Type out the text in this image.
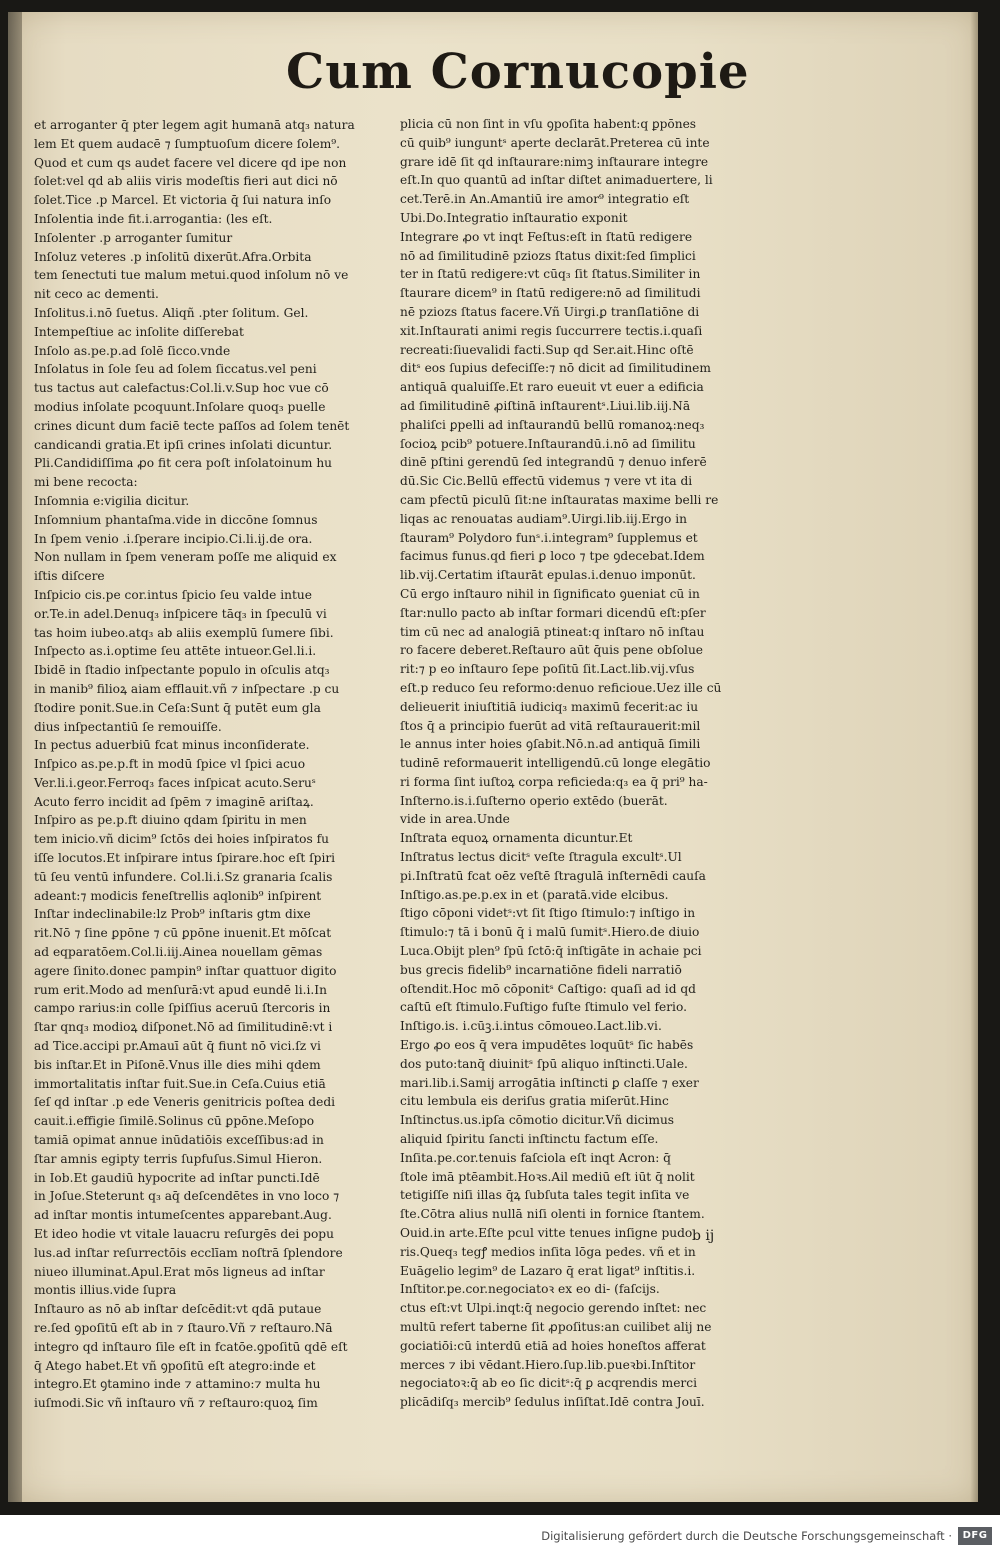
Cum Cornucopie
et arroganter q̄ pter legem agit humanā atq₃ natura
lem Et quem audacē ⁊ ſumptuoſum dicere ſolem⁹.
Quod et cum qs audet facere vel dicere qd ipe non
ſolet:vel qd ab aliis viris modeſtis fieri aut dici nō
ſolet.Tice .p Marcel. Et victoria q̄ ſui natura inſo
Inſolentia inde fit.i.arrogantia: (les eſt.
Inſolenter .p arroganter ſumitur
Inſoluz veteres .p inſolitū dixerūt.Afra.Orbita
tem ſenectuti tue malum metui.quod inſolum nō ve
nit ceco ac dementi.
Inſolitus.i.nō ſuetus. Aliqñ .pter ſolitum. Gel.
Intempeſtiue ac inſolite diſſerebat
Inſolo as.pe.p.ad ſolē ſicco.vnde
Inſolatus in ſole ſeu ad ſolem ſiccatus.vel peni
tus tactus aut calefactus:Col.li.v.Sup hoc vue cō
modius inſolate pcoquunt.Inſolare quoq₃ puelle
crines dicunt dum faciē tecte paſſos ad ſolem tenēt
candicandi gratia.Et ipſi crines inſolati dicuntur.
Pli.Candidiſſima ꝓo fit cera poſt inſolatoinum hu
mi bene recocta:
Inſomnia e:vigilia dicitur.
Inſomnium phantaſma.vide in diccōne ſomnus
In ſpem venio .i.ſperare incipio.Ci.li.ij.de ora.
Non nullam in ſpem veneram poſſe me aliquid ex
iſtis diſcere
Inſpicio cis.pe cor.intus ſpicio ſeu valde intue
or.Te.in adel.Denuq₃ inſpicere tāq₃ in ſpeculū vi
tas hoim iubeo.atq₃ ab aliis exemplū ſumere ſibi.
Inſpecto as.i.optime ſeu attēte intueor.Gel.li.i.
Ibidē in ſtadio inſpectante populo in oſculis atq₃
in manib⁹ filioꝝ aiam efflauit.vñ ⁊ inſpectare .p cu
ſtodire ponit.Sue.in Ceſa:Sunt q̄ putēt eum gla
dius inſpectantiū ſe remouiſſe.
In pectus aduerbiū fcat minus inconſiderate.
Inſpico as.pe.p.ft in modū ſpice vl ſpici acuo
Ver.li.i.geor.Ferroq₃ faces inſpicat acuto.Seruˢ
Acuto ferro incidit ad ſpēm ⁊ imaginē ariſtaꝝ.
Inſpiro as pe.p.ft diuino qdam ſpiritu in men
tem inicio.vñ dicim⁹ ſctōs dei hoies inſpiratos fu
iſſe locutos.Et inſpirare intus ſpirare.hoc eſt ſpiri
tū ſeu ventū infundere. Col.li.i.Sz granaria ſcalis
adeant:⁊ modicis feneſtrellis aqlonib⁹ inſpirent
Inſtar indeclinabile:lz Prob⁹ inſtaris gtm dixe
rit.Nō ⁊ ſine ꝑpōne ⁊ cū ꝑpōne inuenit.Et mōſcat
ad eqparatōem.Col.li.iij.Ainea nouellam gēmas
agere ſinito.donec pampin⁹ inſtar quattuor digito
rum erit.Modo ad menſurā:vt apud eundē li.i.In
campo rarius:in colle ſpiſſius aceruū ſtercoris in
ſtar qnq₃ modioꝝ diſponet.Nō ad ſimilitudinē:vt i
ad Tice.accipi pr.Amauī aūt q̄ fiunt nō vici.ſz vi
bis inſtar.Et in Piſonē.Vnus ille dies mihi qdem
immortalitatis inſtar fuit.Sue.in Ceſa.Cuius etiā
ſeſ qd inſtar .p ede Veneris genitricis poſtea dedi
cauit.i.effigie ſimilē.Solinus cū ꝑpōne.Meſopo
tamiā opimat annue inūdatiōis exceſſibus:ad in
ſtar amnis egipty terris ſupfuſus.Simul Hieron.
in Iob.Et gaudiū hypocrite ad inſtar puncti.Idē
in Joſue.Steterunt q₃ aq̄ deſcendētes in vno loco ⁊
ad inſtar montis intumeſcentes apparebant.Aug.
Et ideo hodie vt vitale lauacru reſurgēs dei popu
lus.ad inſtar reſurrectōis ecclīam noſtrā ſplendore
niueo illuminat.Apul.Erat mōs ligneus ad inſtar
montis illius.vide ſupra
Inſtauro as nō ab inſtar deſcēdit:vt qdā putaue
re.ſed ꝯpoſitū eſt ab in ⁊ ſtauro.Vñ ⁊ reſtauro.Nā
integro qd inſtauro ſile eſt in fcatōe.ꝯpoſitū qdē eſt
q̄ Atego habet.Et vñ ꝯpoſitū eſt ategro:inde et
integro.Et ꝯtamino inde ⁊ attamino:⁊ multa hu
iuſmodi.Sic vñ inſtauro vñ ⁊ reſtauro:quoꝝ ſim
plicia cū non ſint in vſu ꝯpoſita habent:q ꝑpōnes
cū quib⁹ iunguntˢ aperte declarāt.Preterea cū inte
grare idē ſit qd inſtaurare:nimꝫ inſtaurare integre
eſt.In quo quantū ad inſtar diſtet animaduertere, li
cet.Terē.in An.Amantiū ire amor⁹ integratio eſt
Ubi.Do.Integratio inſtauratio exponit
Integrare ꝓo vt inqt Feſtus:eſt in ſtatū redigere
nō ad ſimilitudinē pziozs ſtatus dixit:ſed ſimplici
ter in ſtatū redigere:vt cūq₃ ſit ſtatus.Similiter in
ſtaurare dicem⁹ in ſtatū redigere:nō ad ſimilitudi
nē pziozs ſtatus facere.Vñ Uirgi.ꝑ tranſlatiōne di
xit.Inſtaurati animi regis ſuccurrere tectis.i.quaſi
recreati:ſiuevalidi facti.Sup qd Ser.ait.Hinc oſtē
ditˢ eos ſupius defeciſſe:⁊ nō dicit ad ſimilitudinem
antiquā qualuiſſe.Et raro eueuit vt euer a edificia
ad ſimilitudinē ꝓiſtinā inſtaurentˢ.Liui.lib.iij.Nā
phaliſci ꝑpelli ad inſtaurandū bellū romanoꝝ:neq₃
ſocioꝝ pcib⁹ potuere.Inſtaurandū.i.nō ad ſimilitu
dinē pſtini gerendū ſed integrandū ⁊ denuo inferē
dū.Sic Cic.Bellū effectū videmus ⁊ vere vt ita di
cam pfectū piculū ſit:ne inſtauratas maxime belli re
liqas ac renouatas audiam⁹.Uirgi.lib.iij.Ergo in
ſtauram⁹ Polydoro funˢ.i.integram⁹ ſupplemus et
facimus funus.qd fieri ꝑ loco ⁊ tpe ꝯdecebat.Idem
lib.vij.Certatim iſtaurāt epulas.i.denuo imponūt.
Cū ergo inſtauro nihil in ſignificato ꝯueniat cū in
ſtar:nullo pacto ab inſtar formari dicendū eſt:pſer
tim cū nec ad analogiā ptineat:q inſtaro nō inſtau
ro facere deberet.Reſtauro aūt q̄uis pene obſolue
rit:⁊ p eo inſtauro ſepe poſitū ſit.Lact.lib.vij.vſus
eſt.p reduco ſeu reformo:denuo reficioue.Uez ille cū
delieuerit iniuſtitiā iudiciq₃ maximū fecerit:ac iu
ſtos q̄ a principio fuerūt ad vitā reſtaurauerit:mil
le annus inter hoies ꝯſabit.Nō.n.ad antiquā ſimili
tudinē reformauerit intelligendū.cū longe elegātio
ri forma ſint iuſtoꝝ corpa reficieda:q₃ ea q̄ pri⁹ ha-
Inſterno.is.i.ſuſterno operio extēdo (buerāt.
vide in area.Unde
Inſtrata equoꝝ ornamenta dicuntur.Et
Inſtratus lectus dicitˢ veſte ſtragula excultˢ.Ul
pi.Inſtratū fcat oēz veſtē ſtragulā inſternēdi cauſa
Inſtigo.as.pe.p.ex in et (paratā.vide elcibus.
ſtigo cōponi videtˢ:vt ſit ſtigo ſtimulo:⁊ inſtigo in
ſtimulo:⁊ tā i bonū q̄ i malū ſumitˢ.Hiero.de diuio
Luca.Obijt plen⁹ ſpū ſctō:q̄ inſtigāte in achaie pci
bus grecis fidelib⁹ incarnatiōne fideli narratiō
oſtendit.Hoc mō cōponitˢ Caſtigo: quaſi ad id qd
caſtū eſt ſtimulo.Fuſtigo fuſte ſtimulo vel ferio.
Inſtigo.is. i.cūꝫ.i.intus cōmoueo.Lact.lib.vi.
Ergo ꝓo eos q̄ vera impudētes loquūtˢ ſic habēs
dos puto:tanq̄ diuinitˢ ſpū aliquo inſtincti.Uale.
mari.lib.i.Samij arrogātia inſtincti ꝑ claſſe ⁊ exer
citu lembula eis deriſus gratia miſerūt.Hinc
Inſtinctus.us.ipſa cōmotio dicitur.Vñ dicimus
aliquid ſpiritu ſancti inſtinctu factum eſſe.
Inſita.pe.cor.tenuis faſciola eſt inqt Acron: q̄
ſtole imā ptēambit.Hoꝛs.Ail mediū eſt iūt q̄ nolit
tetigiſſe niſi illas q̄ꝝ ſubſuta tales tegit inſita ve
ſte.Cōtra alius nullā niſi olenti in fornice ſtantem.
Ouid.in arte.Eſte pcul vitte tenues inſigne pudo
ris.Queq₃ tegꝭ medios inſita lōga pedes. vñ et in
Euāgelio legim⁹ de Lazaro q̄ erat ligat⁹ inſtitis.i.
Inſtitor.pe.cor.negociatoꝛ ex eo di- (faſcijs.
ctus eſt:vt Ulpi.inqt:q̄ negocio gerendo inſtet: nec
multū refert taberne ſit ꝓpoſitus:an cuilibet alij ne
gociatiōi:cū interdū etiā ad hoies honeſtos afferat
merces ⁊ ibi vēdant.Hiero.ſup.lib.pueꝛbi.Inſtitor
negociatoꝛ:q̄ ab eo ſic dicitˢ:q̄ ꝑ acqrendis merci
plicādiſq₃ mercib⁹ ſedulus inſiſtat.Idē contra Jouī.
b ij
Digitalisierung gefördert durch die Deutsche Forschungsgemeinschaft ·	DFG
